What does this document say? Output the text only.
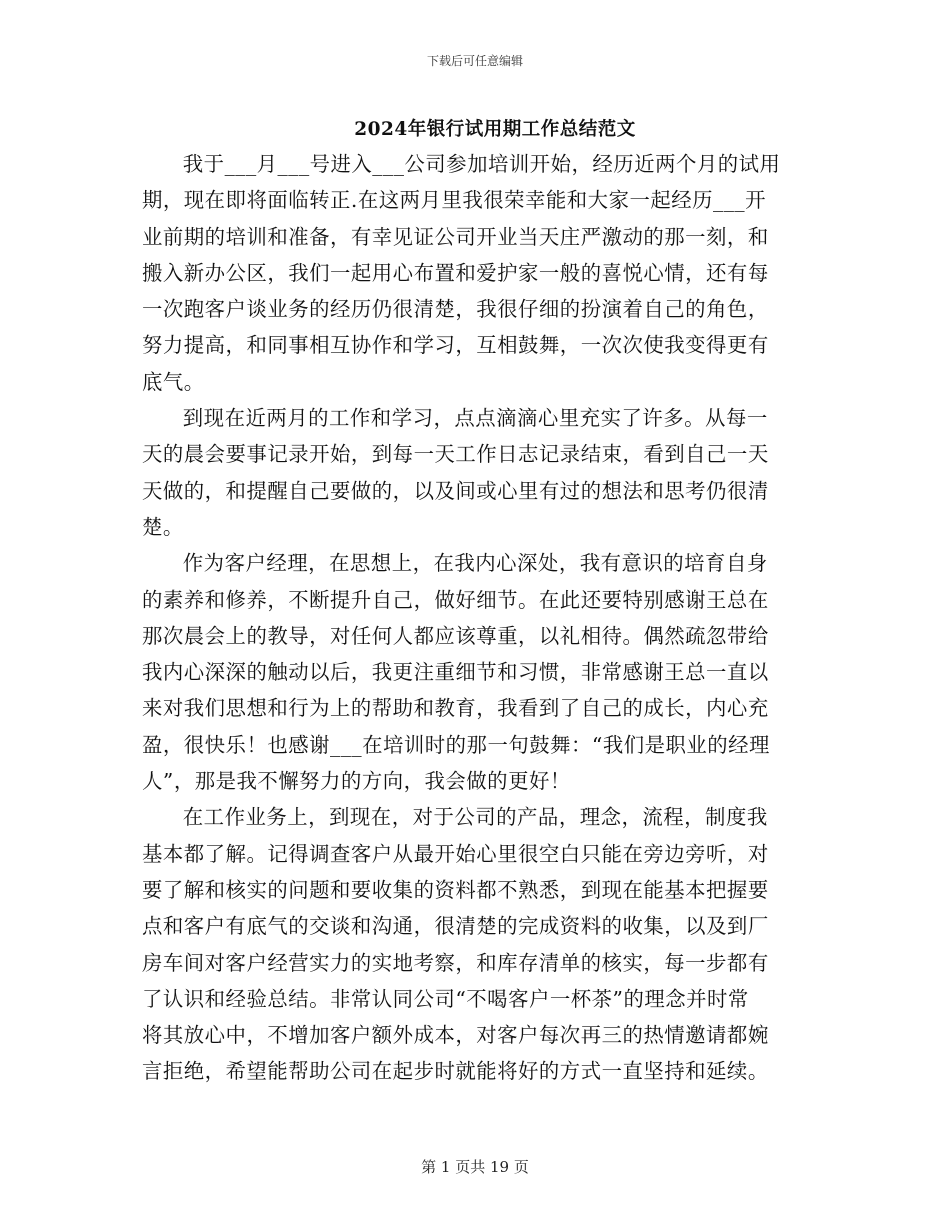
下载后可任意编辑
2024年银行试用期工作总结范文

我于___月___号进入___公司参加培训开始，经历近两个月的试用
期，现在即将面临转正.在这两月里我很荣幸能和大家一起经历___开
业前期的培训和准备，有幸见证公司开业当天庄严激动的那一刻，和
搬入新办公区，我们一起用心布置和爱护家一般的喜悦心情，还有每
一次跑客户谈业务的经历仍很清楚，我很仔细的扮演着自己的角色，
努力提高，和同事相互协作和学习，互相鼓舞，一次次使我变得更有
底气。

到现在近两月的工作和学习，点点滴滴心里充实了许多。从每一
天的晨会要事记录开始，到每一天工作日志记录结束，看到自己一天
天做的，和提醒自己要做的，以及间或心里有过的想法和思考仍很清
楚。

作为客户经理，在思想上，在我内心深处，我有意识的培育自身
的素养和修养，不断提升自己，做好细节。在此还要特别感谢王总在
那次晨会上的教导，对任何人都应该尊重，以礼相待。偶然疏忽带给
我内心深深的触动以后，我更注重细节和习惯，非常感谢王总一直以
来对我们思想和行为上的帮助和教育，我看到了自己的成长，内心充
盈，很快乐！也感谢___在培训时的那一句鼓舞：“我们是职业的经理
人”，那是我不懈努力的方向，我会做的更好！

在工作业务上，到现在，对于公司的产品，理念，流程，制度我
基本都了解。记得调查客户从最开始心里很空白只能在旁边旁听，对
要了解和核实的问题和要收集的资料都不熟悉，到现在能基本把握要
点和客户有底气的交谈和沟通，很清楚的完成资料的收集，以及到厂
房车间对客户经营实力的实地考察，和库存清单的核实，每一步都有
了认识和经验总结。非常认同公司“不喝客户一杯茶”的理念并时常
将其放心中，不增加客户额外成本，对客户每次再三的热情邀请都婉
言拒绝，希望能帮助公司在起步时就能将好的方式一直坚持和延续。

第 1 页共 19 页
